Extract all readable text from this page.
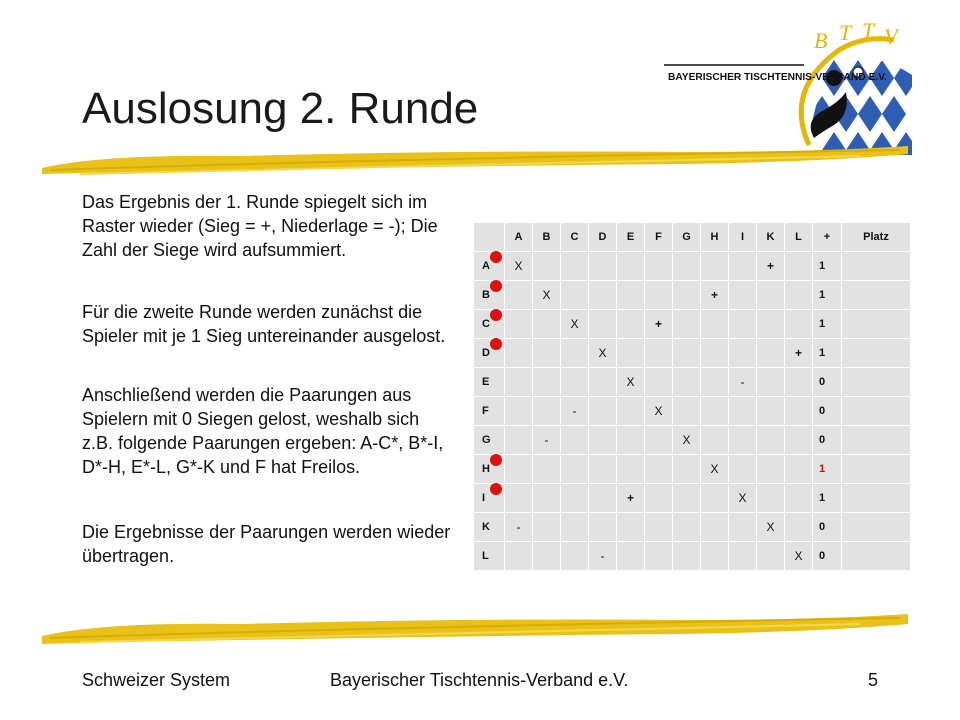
B T T V
BAYERISCHER TISCHTENNIS-VERBAND E.V.
Auslosung 2. Runde

Das Ergebnis der 1. Runde spiegelt sich im Raster wieder (Sieg = +, Niederlage = -); Die Zahl der Siege wird aufsummiert.

Für die zweite Runde werden zunächst die Spieler mit je 1 Sieg untereinander ausgelost.

Anschließend werden die Paarungen aus Spielern mit 0 Siegen gelost, weshalb sich z.B. folgende Paarungen ergeben: A-C*, B*-I, D*-H, E*-L, G*-K und F hat Freilos.

Die Ergebnisse der Paarungen werden wieder übertragen.

	A	B	C	D	E	F	G	H	I	K	L	+	Platz
A	X									+		1	
B		X						+				1	
C			X			+						1	
D				X							+	1	
E					X				-			0	
F			-			X						0	
G		-					X					0	
H								X				1	
I					+				X			1	
K	-									X		0	
L				-							X	0	
Schweizer System	Bayerischer Tischtennis-Verband e.V.	5
